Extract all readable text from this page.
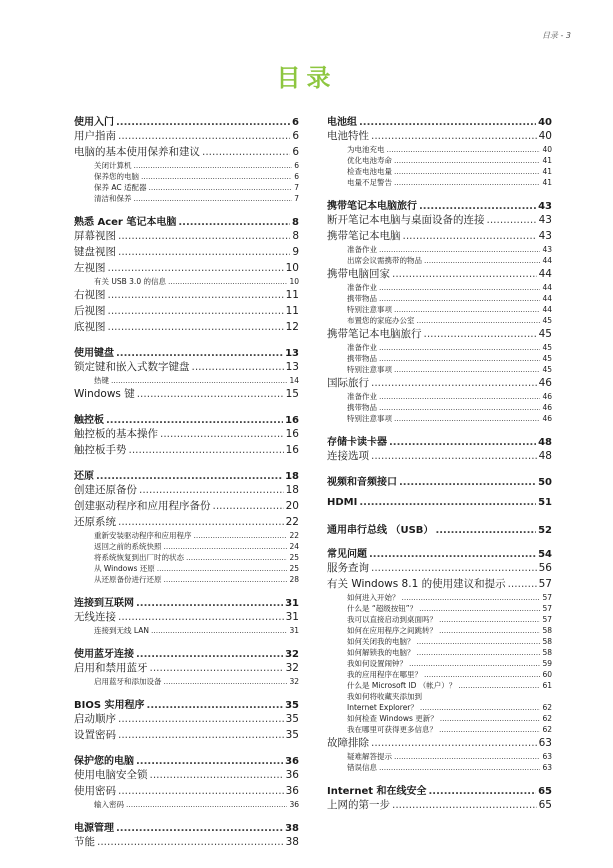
目录 - 3
目录
使用入门 .....	6
用户指南 .....	6
电脑的基本使用保养和建议 .....	6
关闭计算机 .....	6
保养您的电脑 .....	6
保养 AC 适配器 .....	7
清洁和保养 .....	7
熟悉 Acer 笔记本电脑 .....	8
屏幕视图 .....	8
键盘视图 .....	9
左视图 .....	10
有关 USB 3.0 的信息 .....	10
右视图 .....	11
后视图 .....	11
底视图 .....	12
使用键盘 .....	13
锁定键和嵌入式数字键盘 .....	13
热键 .....	14
Windows 键 .....	15
触控板 .....	16
触控板的基本操作 .....	16
触控板手势 .....	16
还原 .....	18
创建还原备份 .....	18
创建驱动程序和应用程序备份 .....	20
还原系统 .....	22
重新安装驱动程序和应用程序 .....	22
返回之前的系统快照 .....	24
将系统恢复到出厂时的状态 .....	25
从 Windows 还原 .....	25
从还原备份进行还原 .....	28
连接到互联网 .....	31
无线连接 .....	31
连接到无线 LAN .....	31
使用蓝牙连接 .....	32
启用和禁用蓝牙 .....	32
启用蓝牙和添加设备 .....	32
BIOS 实用程序 .....	35
启动顺序 .....	35
设置密码 .....	35
保护您的电脑 .....	36
使用电脑安全锁 .....	36
使用密码 .....	36
输入密码 .....	36
电源管理 .....	38
节能 .....	38
电池组 .....	40
电池特性 .....	40
为电池充电 .....	40
优化电池寿命 .....	41
检查电池电量 .....	41
电量不足警告 .....	41
携带笔记本电脑旅行 .....	43
断开笔记本电脑与桌面设备的连接 .....	43
携带笔记本电脑 .....	43
准备作业 .....	43
出席会议需携带的物品 .....	44
携带电脑回家 .....	44
准备作业 .....	44
携带物品 .....	44
特别注意事项 .....	44
布置您的家庭办公室 .....	45
携带笔记本电脑旅行 .....	45
准备作业 .....	45
携带物品 .....	45
特别注意事项 .....	45
国际旅行 .....	46
准备作业 .....	46
携带物品 .....	46
特别注意事项 .....	46
存储卡读卡器 .....	48
连接选项 .....	48
视频和音频接口 .....	50
HDMI .....	51
通用串行总线 （USB） .....	52
常见问题 .....	54
服务查询 .....	56
有关 Windows 8.1 的使用建议和提示 .....	57
如何进入开始？ .....	57
什么是 “超级按钮”？ .....	57
我可以直接启动到桌面吗？ .....	57
如何在应用程序之间跳转？ .....	58
如何关闭我的电脑？ .....	58
如何解锁我的电脑？ .....	58
我如何设置闹钟？ .....	59
我的应用程序在哪里？ .....	60
什么是 Microsoft ID （帐户）？ .....	61
我如何将收藏夹添加到
Internet Explorer？ .....	62
如何检查 Windows 更新？ .....	62
我在哪里可获得更多信息？ .....	62
故障排除 .....	63
疑难解答提示 .....	63
错误信息 .....	63
Internet 和在线安全 .....	65
上网的第一步 .....	65
